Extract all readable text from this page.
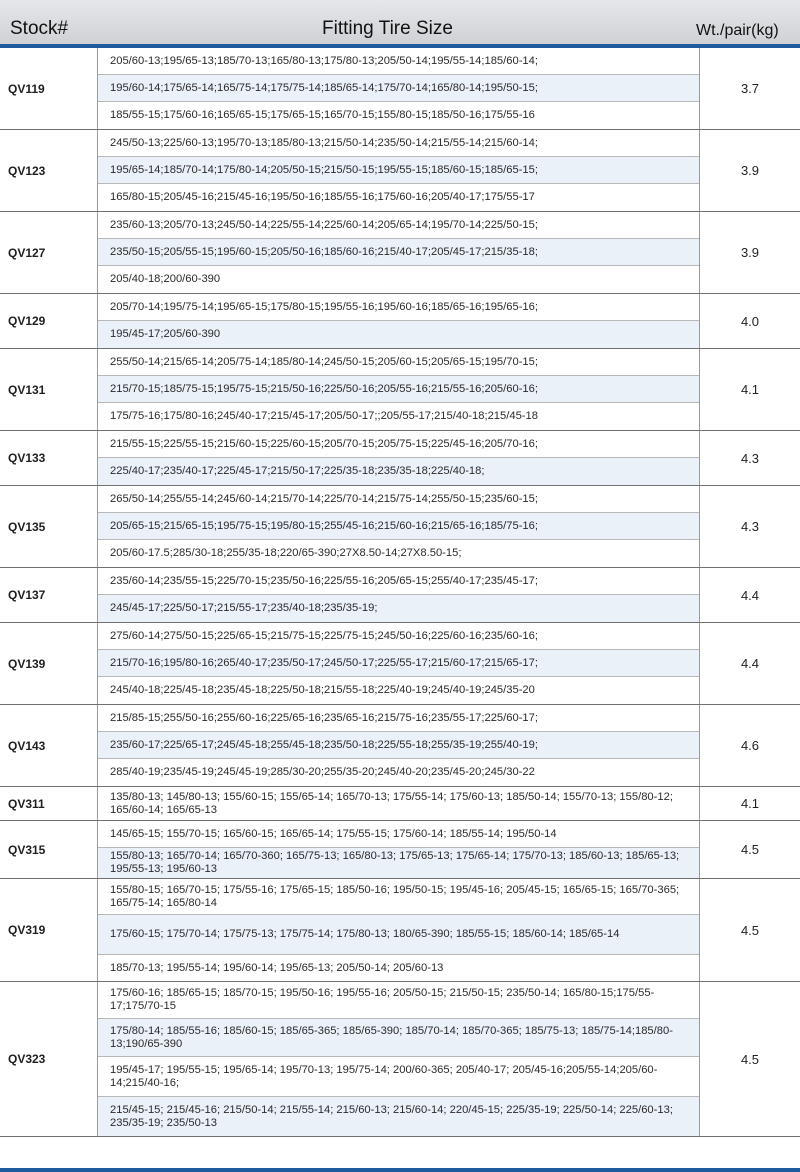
Stock#	Fitting Tire Size	Wt./pair(kg)
QV119
205/60-13;195/65-13;185/70-13;165/80-13;175/80-13;205/50-14;195/55-14;185/60-14;
195/60-14;175/65-14;165/75-14;175/75-14;185/65-14;175/70-14;165/80-14;195/50-15;
185/55-15;175/60-16;165/65-15;175/65-15;165/70-15;155/80-15;185/50-16;175/55-16
3.7
QV123
245/50-13;225/60-13;195/70-13;185/80-13;215/50-14;235/50-14;215/55-14;215/60-14;
195/65-14;185/70-14;175/80-14;205/50-15;215/50-15;195/55-15;185/60-15;185/65-15;
165/80-15;205/45-16;215/45-16;195/50-16;185/55-16;175/60-16;205/40-17;175/55-17
3.9
QV127
235/60-13;205/70-13;245/50-14;225/55-14;225/60-14;205/65-14;195/70-14;225/50-15;
235/50-15;205/55-15;195/60-15;205/50-16;185/60-16;215/40-17;205/45-17;215/35-18;
205/40-18;200/60-390
3.9
QV129
205/70-14;195/75-14;195/65-15;175/80-15;195/55-16;195/60-16;185/65-16;195/65-16;
195/45-17;205/60-390
4.0
QV131
255/50-14;215/65-14;205/75-14;185/80-14;245/50-15;205/60-15;205/65-15;195/70-15;
215/70-15;185/75-15;195/75-15;215/50-16;225/50-16;205/55-16;215/55-16;205/60-16;
175/75-16;175/80-16;245/40-17;215/45-17;205/50-17;;205/55-17;215/40-18;215/45-18
4.1
QV133
215/55-15;225/55-15;215/60-15;225/60-15;205/70-15;205/75-15;225/45-16;205/70-16;
225/40-17;235/40-17;225/45-17;215/50-17;225/35-18;235/35-18;225/40-18;
4.3
QV135
265/50-14;255/55-14;245/60-14;215/70-14;225/70-14;215/75-14;255/50-15;235/60-15;
205/65-15;215/65-15;195/75-15;195/80-15;255/45-16;215/60-16;215/65-16;185/75-16;
205/60-17.5;285/30-18;255/35-18;220/65-390;27X8.50-14;27X8.50-15;
4.3
QV137
235/60-14;235/55-15;225/70-15;235/50-16;225/55-16;205/65-15;255/40-17;235/45-17;
245/45-17;225/50-17;215/55-17;235/40-18;235/35-19;
4.4
QV139
275/60-14;275/50-15;225/65-15;215/75-15;225/75-15;245/50-16;225/60-16;235/60-16;
215/70-16;195/80-16;265/40-17;235/50-17;245/50-17;225/55-17;215/60-17;215/65-17;
245/40-18;225/45-18;235/45-18;225/50-18;215/55-18;225/40-19;245/40-19;245/35-20
4.4
QV143
215/85-15;255/50-16;255/60-16;225/65-16;235/65-16;215/75-16;235/55-17;225/60-17;
235/60-17;225/65-17;245/45-18;255/45-18;235/50-18;225/55-18;255/35-19;255/40-19;
285/40-19;235/45-19;245/45-19;285/30-20;255/35-20;245/40-20;235/45-20;245/30-22
4.6
QV311	135/80-13; 145/80-13; 155/60-15; 155/65-14; 165/70-13; 175/55-14; 175/60-13; 185/50-14; 155/70-13; 155/80-12; 165/60-14; 165/65-13	4.1
QV315
145/65-15; 155/70-15; 165/60-15; 165/65-14; 175/55-15; 175/60-14; 185/55-14; 195/50-14
155/80-13; 165/70-14; 165/70-360; 165/75-13; 165/80-13; 175/65-13; 175/65-14; 175/70-13; 185/60-13; 185/65-13; 195/55-13; 195/60-13
4.5
QV319
155/80-15; 165/70-15; 175/55-16; 175/65-15; 185/50-16; 195/50-15; 195/45-16; 205/45-15; 165/65-15; 165/70-365; 165/75-14; 165/80-14
175/60-15; 175/70-14; 175/75-13; 175/75-14; 175/80-13; 180/65-390; 185/55-15; 185/60-14; 185/65-14
185/70-13; 195/55-14; 195/60-14; 195/65-13; 205/50-14; 205/60-13
4.5
QV323
175/60-16; 185/65-15; 185/70-15; 195/50-16; 195/55-16; 205/50-15; 215/50-15; 235/50-14; 165/80-15;175/55-17;175/70-15
175/80-14; 185/55-16; 185/60-15; 185/65-365; 185/65-390; 185/70-14; 185/70-365; 185/75-13; 185/75-14;185/80-13;190/65-390
195/45-17; 195/55-15; 195/65-14; 195/70-13; 195/75-14; 200/60-365; 205/40-17; 205/45-16;205/55-14;205/60-14;215/40-16;
215/45-15; 215/45-16; 215/50-14; 215/55-14; 215/60-13; 215/60-14; 220/45-15; 225/35-19; 225/50-14; 225/60-13; 235/35-19; 235/50-13
4.5
